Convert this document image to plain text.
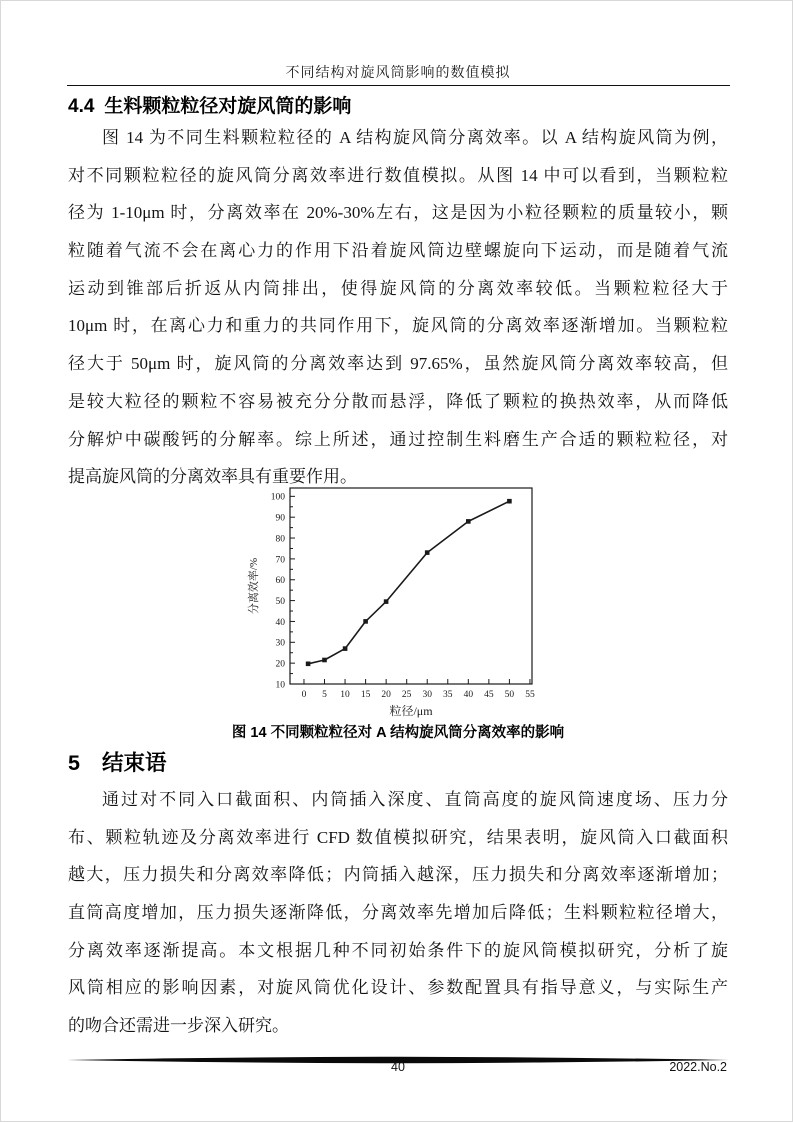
不同结构对旋风筒影响的数值模拟
4.4 生料颗粒粒径对旋风筒的影响
图 14 为不同生料颗粒粒径的 A 结构旋风筒分离效率。以 A 结构旋风筒为例，
对不同颗粒粒径的旋风筒分离效率进行数值模拟。从图 14 中可以看到，当颗粒粒
径为 1-10μm 时，分离效率在 20%-30%左右，这是因为小粒径颗粒的质量较小，颗
粒随着气流不会在离心力的作用下沿着旋风筒边壁螺旋向下运动，而是随着气流
运动到锥部后折返从内筒排出，使得旋风筒的分离效率较低。当颗粒粒径大于
10μm 时，在离心力和重力的共同作用下，旋风筒的分离效率逐渐增加。当颗粒粒
径大于 50μm 时，旋风筒的分离效率达到 97.65%，虽然旋风筒分离效率较高，但
是较大粒径的颗粒不容易被充分分散而悬浮，降低了颗粒的换热效率，从而降低
分解炉中碳酸钙的分解率。综上所述，通过控制生料磨生产合适的颗粒粒径，对
提高旋风筒的分离效率具有重要作用。
0 5 10 15 20 25 30 35 40 45 50 55
10
20
30
40
50
60
70
80
90
100
粒径/μm
分离效率/%
图 14 不同颗粒粒径对 A 结构旋风筒分离效率的影响
5 结束语
通过对不同入口截面积、内筒插入深度、直筒高度的旋风筒速度场、压力分
布、颗粒轨迹及分离效率进行 CFD 数值模拟研究，结果表明，旋风筒入口截面积
越大，压力损失和分离效率降低；内筒插入越深，压力损失和分离效率逐渐增加；
直筒高度增加，压力损失逐渐降低，分离效率先增加后降低；生料颗粒粒径增大，
分离效率逐渐提高。本文根据几种不同初始条件下的旋风筒模拟研究，分析了旋
风筒相应的影响因素，对旋风筒优化设计、参数配置具有指导意义，与实际生产
的吻合还需进一步深入研究。
40	2022.No.2
